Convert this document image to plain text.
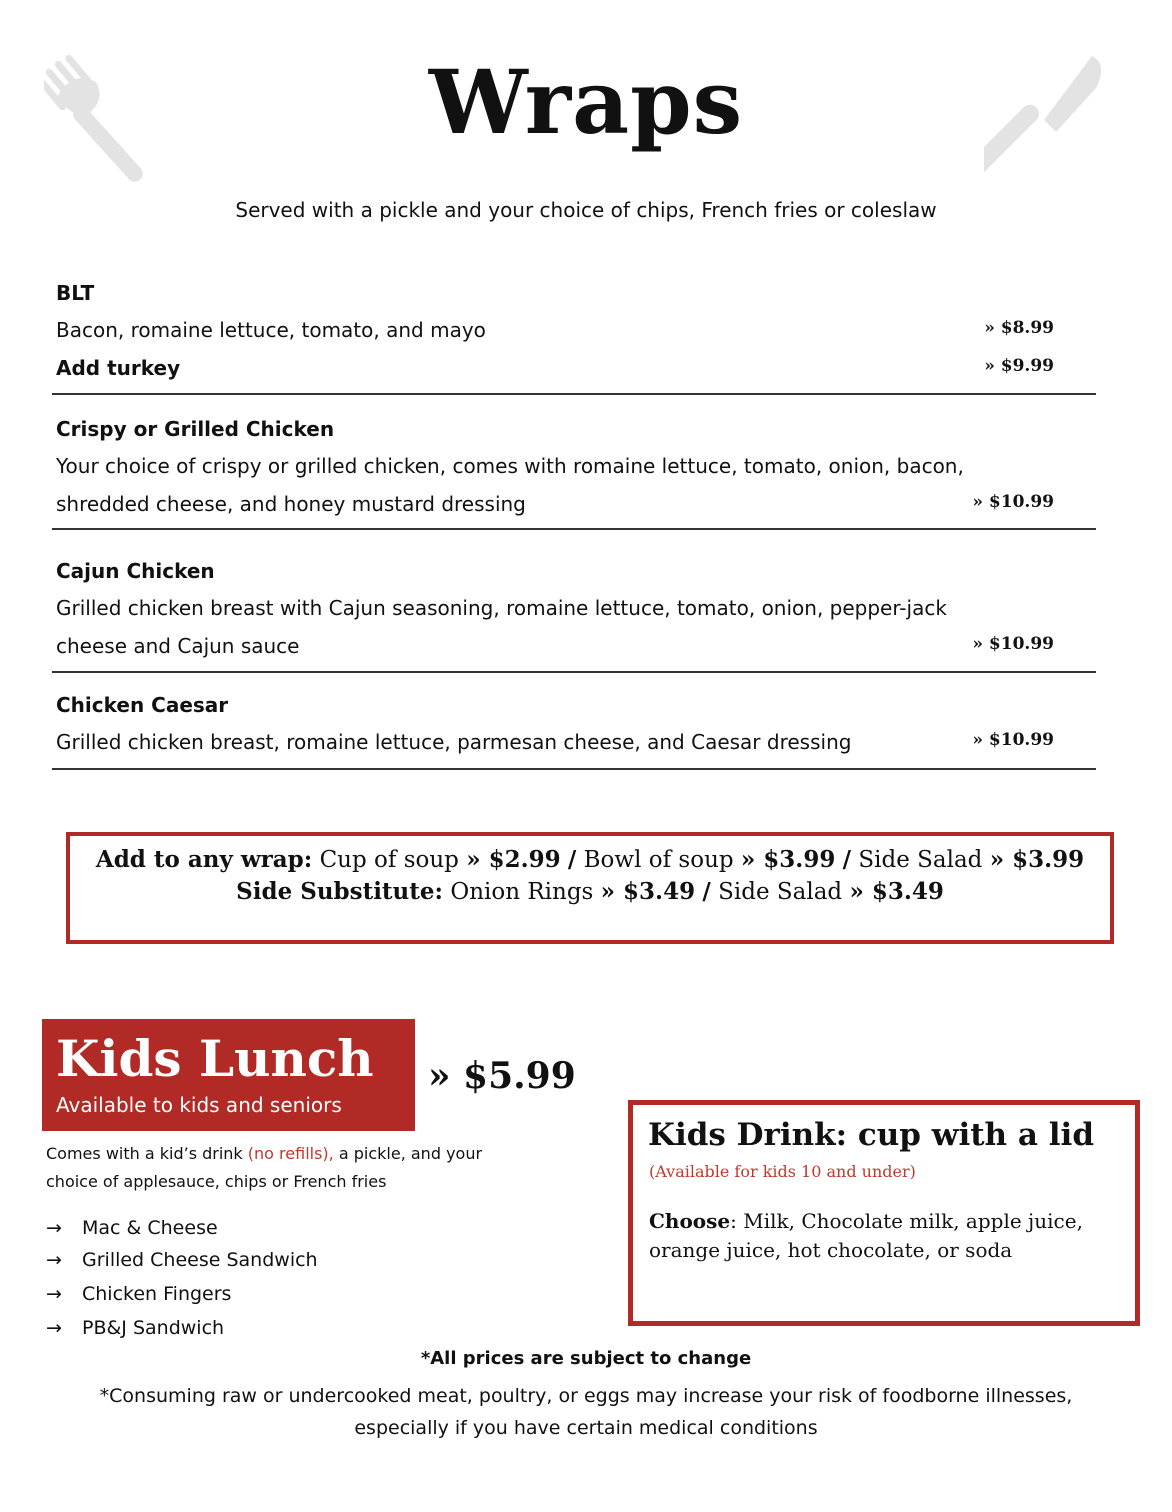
Wraps
Served with a pickle and your choice of chips, French fries or coleslaw
BLT
Bacon, romaine lettuce, tomato, and mayo	» $8.99
Add turkey	» $9.99
Crispy or Grilled Chicken
Your choice of crispy or grilled chicken, comes with romaine lettuce, tomato, onion, bacon,
shredded cheese, and honey mustard dressing	» $10.99
Cajun Chicken
Grilled chicken breast with Cajun seasoning, romaine lettuce, tomato, onion, pepper-jack
cheese and Cajun sauce	» $10.99
Chicken Caesar
Grilled chicken breast, romaine lettuce, parmesan cheese, and Caesar dressing	» $10.99
Add to any wrap: Cup of soup » $2.99 / Bowl of soup » $3.99 / Side Salad » $3.99
Side Substitute: Onion Rings » $3.49 / Side Salad » $3.49
Kids Lunch
Available to kids and seniors
» $5.99
Comes with a kid’s drink (no refills), a pickle, and your
choice of applesauce, chips or French fries
→ Mac & Cheese
→ Grilled Cheese Sandwich
→ Chicken Fingers
→ PB&J Sandwich
Kids Drink: cup with a lid
(Available for kids 10 and under)
Choose: Milk, Chocolate milk, apple juice, orange juice, hot chocolate, or soda
*All prices are subject to change
*Consuming raw or undercooked meat, poultry, or eggs may increase your risk of foodborne illnesses,
especially if you have certain medical conditions
